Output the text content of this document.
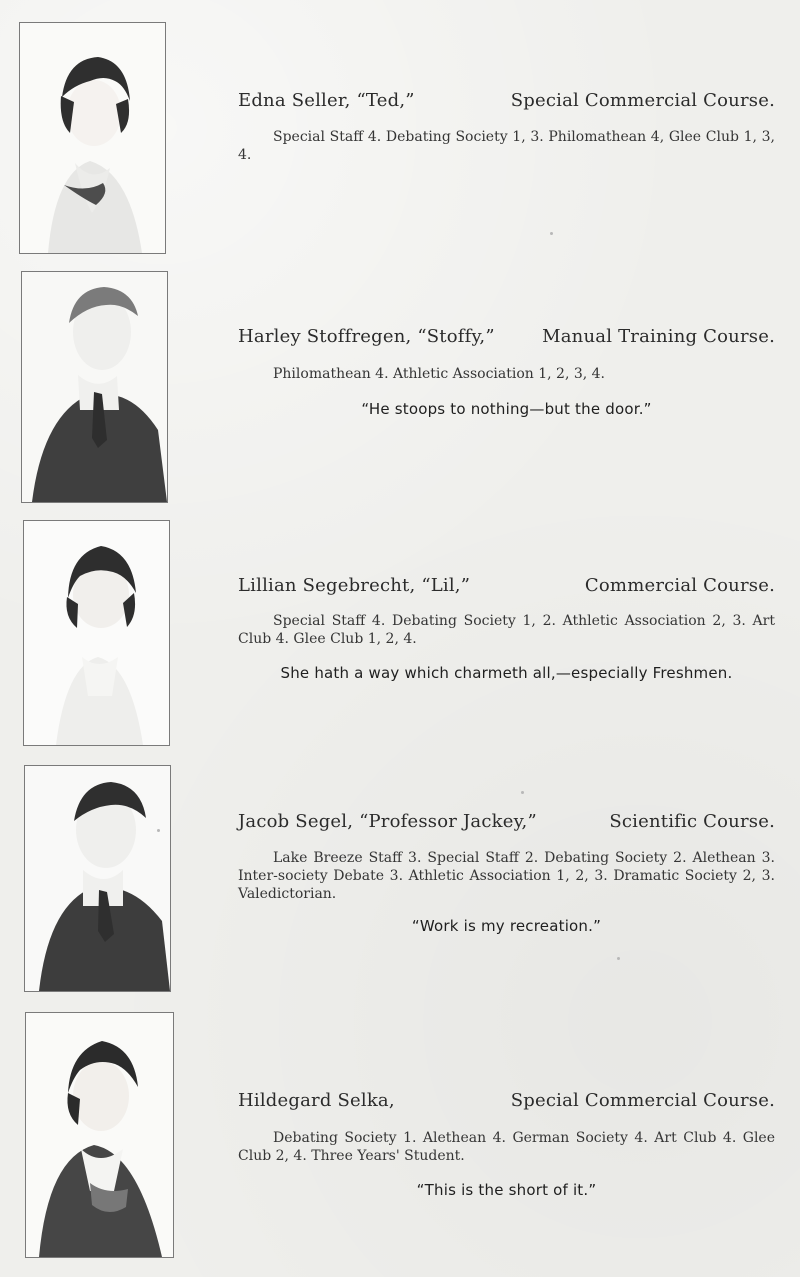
Edna Seller, “Ted,”	Special Commercial Course.
Special Staff 4. Debating Society 1, 3. Philomathean 4, Glee Club 1, 3, 4.
Harley Stoffregen, “Stoffy,”	Manual Training Course.
Philomathean 4. Athletic Association 1, 2, 3, 4.
“He stoops to nothing—but the door.”
Lillian Segebrecht, “Lil,”	Commercial Course.
Special Staff 4. Debating Society 1, 2. Athletic Association 2, 3. Art Club 4. Glee Club 1, 2, 4.
She hath a way which charmeth all,—especially Freshmen.
Jacob Segel, “Professor Jackey,”	Scientific Course.
Lake Breeze Staff 3. Special Staff 2. Debating Society 2. Alethean 3. Inter-society Debate 3. Athletic Association 1, 2, 3. Dramatic Society 2, 3. Valedictorian.
“Work is my recreation.”
Hildegard Selka,	Special Commercial Course.
Debating Society 1. Alethean 4. German Society 4. Art Club 4. Glee Club 2, 4. Three Years' Student.
“This is the short of it.”
